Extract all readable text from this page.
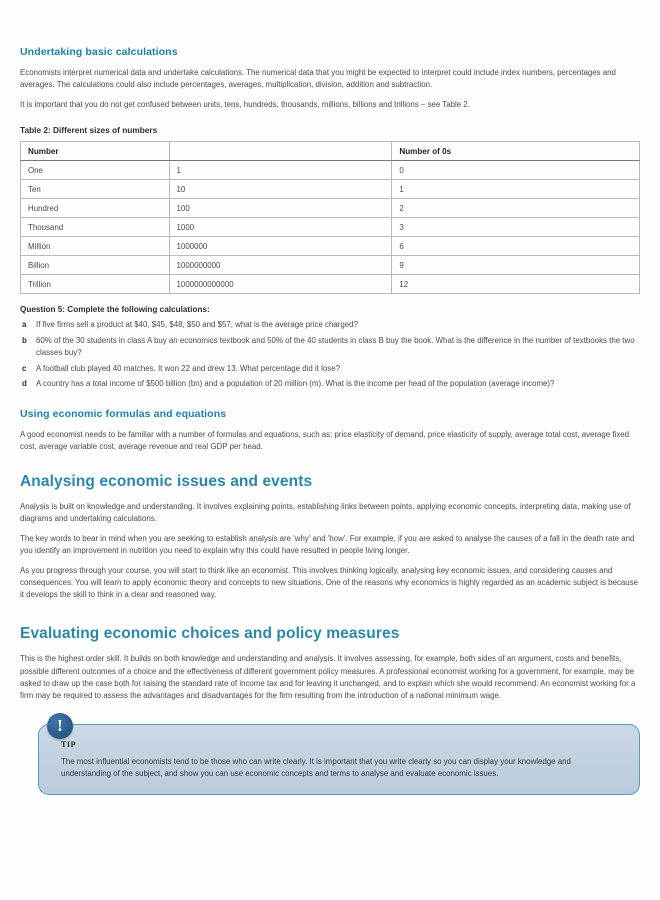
Undertaking basic calculations

Economists interpret numerical data and undertake calculations. The numerical data that you might be expected to interpret could include index numbers, percentages and averages. The calculations could also include percentages, averages, multiplication, division, addition and subtraction.

It is important that you do not get confused between units, tens, hundreds, thousands, millions, billions and trillions – see Table 2.

Table 2: Different sizes of numbers
Number		Number of 0s
One	1	0
Ten	10	1
Hundred	100	2
Thousand	1000	3
Million	1000000	6
Billion	1000000000	9
Trillion	1000000000000	12
Question 5: Complete the following calculations:
a If five firms sell a product at $40, $45, $48, $50 and $57, what is the average price charged?
b 60% of the 30 students in class A buy an economics textbook and 50% of the 40 students in class B buy the book. What is the difference in the number of textbooks the two classes buy?
c A football club played 40 matches. It won 22 and drew 13. What percentage did it lose?
d A country has a total income of $500 billion (bn) and a population of 20 million (m). What is the income per head of the population (average income)?
Using economic formulas and equations

A good economist needs to be familiar with a number of formulas and equations, such as: price elasticity of demand, price elasticity of supply, average total cost, average fixed cost, average variable cost, average revenue and real GDP per head.

Analysing economic issues and events

Analysis is built on knowledge and understanding. It involves explaining points, establishing links between points, applying economic concepts, interpreting data, making use of diagrams and undertaking calculations.

The key words to bear in mind when you are seeking to establish analysis are 'why' and 'how'. For example, if you are asked to analyse the causes of a fall in the death rate and you identify an improvement in nutrition you need to explain why this could have resulted in people living longer.

As you progress through your course, you will start to think like an economist. This involves thinking logically, analysing key economic issues, and considering causes and consequences. You will learn to apply economic theory and concepts to new situations. One of the reasons why economics is highly regarded as an academic subject is because it develops the skill to think in a clear and reasoned way.

Evaluating economic choices and policy measures

This is the highest order skill. It builds on both knowledge and understanding and analysis. It involves assessing, for example, both sides of an argument, costs and benefits, possible different outcomes of a choice and the effectiveness of different government policy measures. A professional economist working for a government, for example, may be asked to draw up the case both for raising the standard rate of income tax and for leaving it unchanged, and to explain which she would recommend. An economist working for a firm may be required to assess the advantages and disadvantages for the firm resulting from the introduction of a national minimum wage.

!
TIP

The most influential economists tend to be those who can write clearly. It is important that you write clearly so you can display your knowledge and understanding of the subject, and show you can use economic concepts and terms to analyse and evaluate economic issues.
